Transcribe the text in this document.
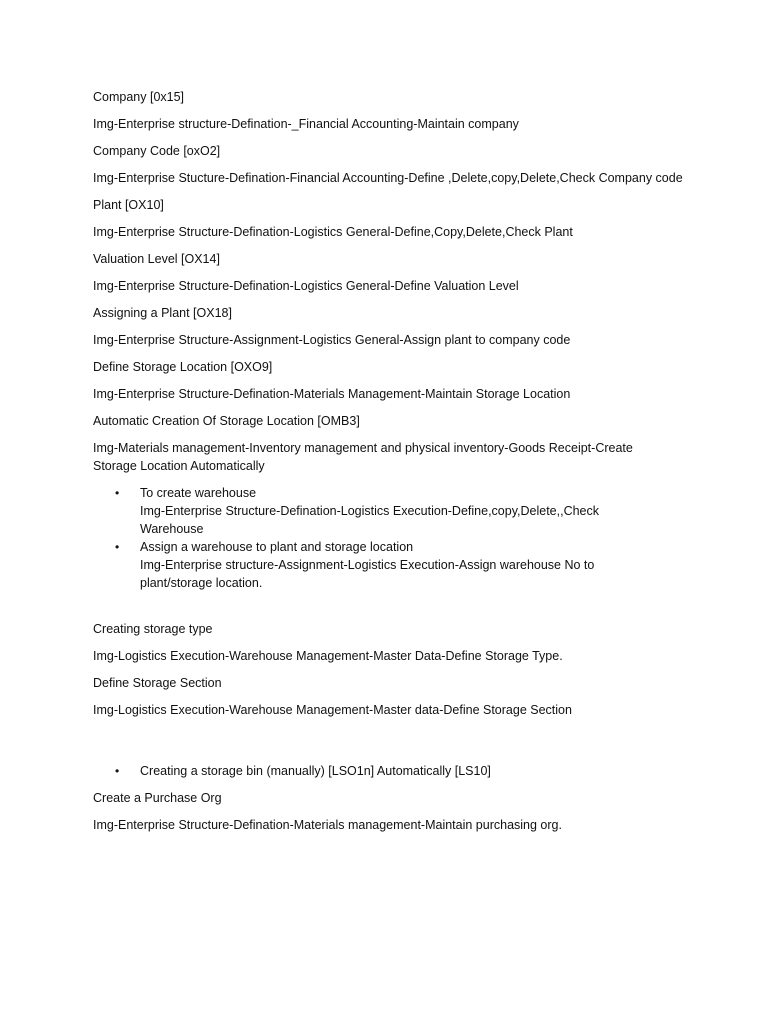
Company [0x15]

Img-Enterprise structure-Defination-_Financial Accounting-Maintain company

Company Code [oxO2]

Img-Enterprise Stucture-Defination-Financial Accounting-Define ,Delete,copy,Delete,Check Company code

Plant [OX10]

Img-Enterprise Structure-Defination-Logistics General-Define,Copy,Delete,Check Plant

Valuation Level [OX14]

Img-Enterprise Structure-Defination-Logistics General-Define Valuation Level

Assigning a Plant [OX18]

Img-Enterprise Structure-Assignment-Logistics General-Assign plant to company code

Define Storage Location [OXO9]

Img-Enterprise Structure-Defination-Materials Management-Maintain Storage Location

Automatic Creation Of Storage Location [OMB3]

Img-Materials management-Inventory management and physical inventory-Goods Receipt-Create Storage Location Automatically

•	To create warehouse
Img-Enterprise Structure-Defination-Logistics Execution-Define,copy,Delete,,Check Warehouse
•	Assign a warehouse to plant and storage location
Img-Enterprise structure-Assignment-Logistics Execution-Assign warehouse No to plant/storage location.

Creating storage type

Img-Logistics Execution-Warehouse Management-Master Data-Define Storage Type.

Define Storage Section

Img-Logistics Execution-Warehouse Management-Master data-Define Storage Section

•	Creating a storage bin (manually) [LSO1n] Automatically [LS10]

Create a Purchase Org

Img-Enterprise Structure-Defination-Materials management-Maintain purchasing org.
